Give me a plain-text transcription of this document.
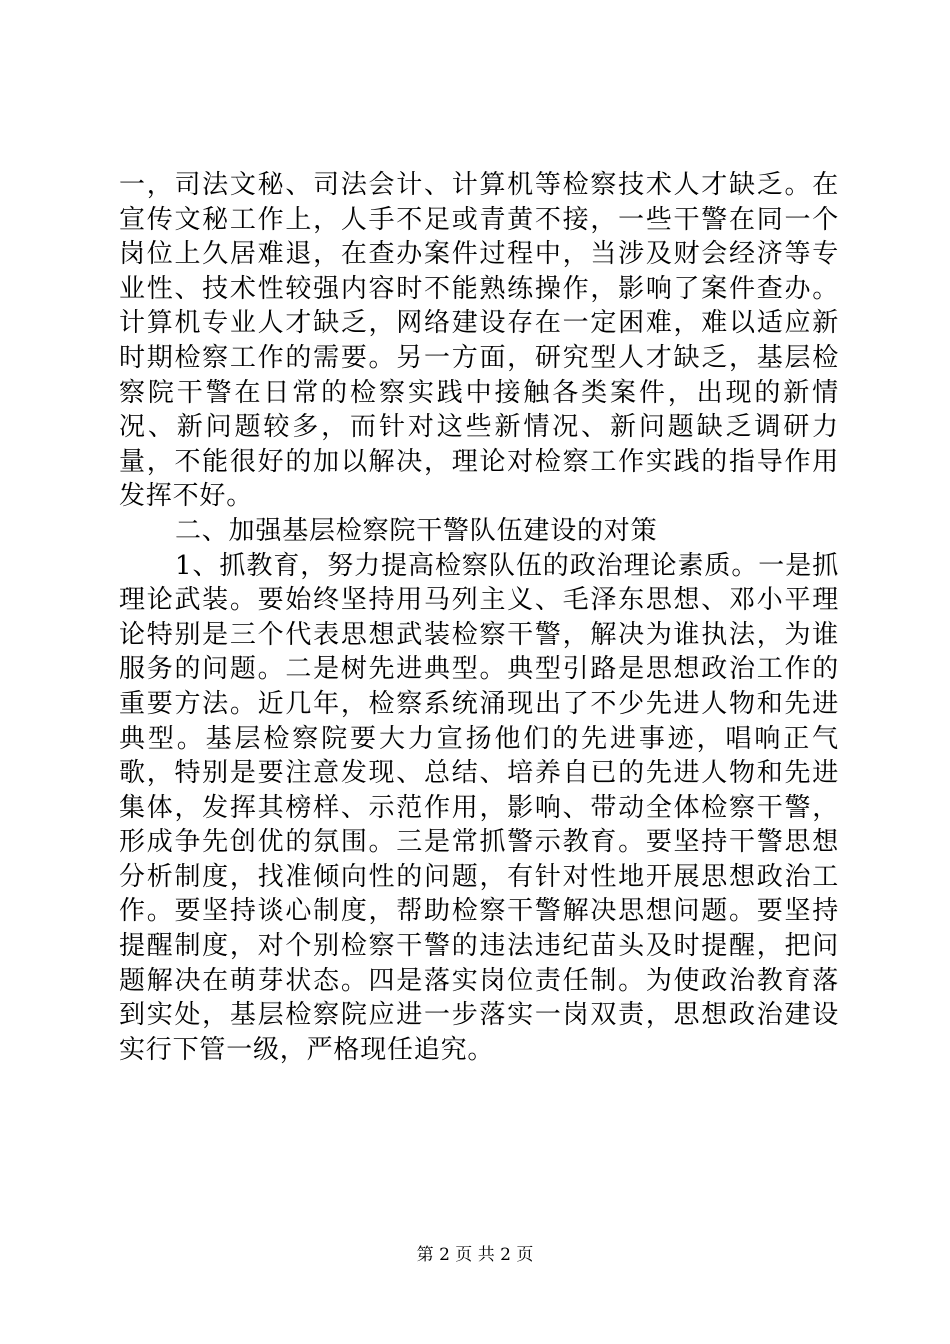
一，司法文秘、司法会计、计算机等检察技术人才缺乏。在宣传文秘工作上，人手不足或青黄不接，一些干警在同一个岗位上久居难退，在查办案件过程中，当涉及财会经济等专业性、技术性较强内容时不能熟练操作，影响了案件查办。计算机专业人才缺乏，网络建设存在一定困难，难以适应新时期检察工作的需要。另一方面，研究型人才缺乏，基层检察院干警在日常的检察实践中接触各类案件，出现的新情况、新问题较多，而针对这些新情况、新问题缺乏调研力量，不能很好的加以解决，理论对检察工作实践的指导作用发挥不好。

二、加强基层检察院干警队伍建设的对策

1、抓教育，努力提高检察队伍的政治理论素质。一是抓理论武装。要始终坚持用马列主义、毛泽东思想、邓小平理论特别是三个代表思想武装检察干警，解决为谁执法，为谁服务的问题。二是树先进典型。典型引路是思想政治工作的重要方法。近几年，检察系统涌现出了不少先进人物和先进典型。基层检察院要大力宣扬他们的先进事迹，唱响正气歌，特别是要注意发现、总结、培养自已的先进人物和先进集体，发挥其榜样、示范作用，影响、带动全体检察干警，形成争先创优的氛围。三是常抓警示教育。要坚持干警思想分析制度，找准倾向性的问题，有针对性地开展思想政治工作。要坚持谈心制度，帮助检察干警解决思想问题。要坚持提醒制度，对个别检察干警的违法违纪苗头及时提醒，把问题解决在萌芽状态。四是落实岗位责任制。为使政治教育落到实处，基层检察院应进一步落实一岗双责，思想政治建设实行下管一级，严格现任追究。

第 2 页 共 2 页
